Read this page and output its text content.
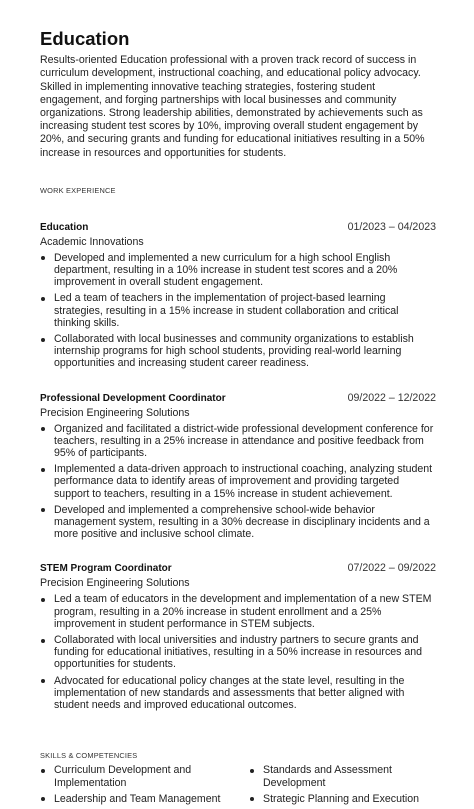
Education

Results-oriented Education professional with a proven track record of success in curriculum development, instructional coaching, and educational policy advocacy. Skilled in implementing innovative teaching strategies, fostering student engagement, and forging partnerships with local businesses and community organizations. Strong leadership abilities, demonstrated by achievements such as increasing student test scores by 10%, improving overall student engagement by 20%, and securing grants and funding for educational initiatives resulting in a 50% increase in resources and opportunities for students.

WORK EXPERIENCE
Education	01/2023 – 04/2023
Academic Innovations
Developed and implemented a new curriculum for a high school English department, resulting in a 10% increase in student test scores and a 20% improvement in overall student engagement.
Led a team of teachers in the implementation of project-based learning strategies, resulting in a 15% increase in student collaboration and critical thinking skills.
Collaborated with local businesses and community organizations to establish internship programs for high school students, providing real-world learning opportunities and increasing student career readiness.
Professional Development Coordinator	09/2022 – 12/2022
Precision Engineering Solutions
Organized and facilitated a district-wide professional development conference for teachers, resulting in a 25% increase in attendance and positive feedback from 95% of participants.
Implemented a data-driven approach to instructional coaching, analyzing student performance data to identify areas of improvement and providing targeted support to teachers, resulting in a 15% increase in student achievement.
Developed and implemented a comprehensive school-wide behavior management system, resulting in a 30% decrease in disciplinary incidents and a more positive and inclusive school climate.
STEM Program Coordinator	07/2022 – 09/2022
Precision Engineering Solutions
Led a team of educators in the development and implementation of a new STEM program, resulting in a 20% increase in student enrollment and a 25% improvement in student performance in STEM subjects.
Collaborated with local universities and industry partners to secure grants and funding for educational initiatives, resulting in a 50% increase in resources and opportunities for students.
Advocated for educational policy changes at the state level, resulting in the implementation of new standards and assessments that better aligned with student needs and improved educational outcomes.
SKILLS & COMPETENCIES
Curriculum Development and Implementation
Standards and Assessment Development
Leadership and Team Management	Strategic Planning and Execution
